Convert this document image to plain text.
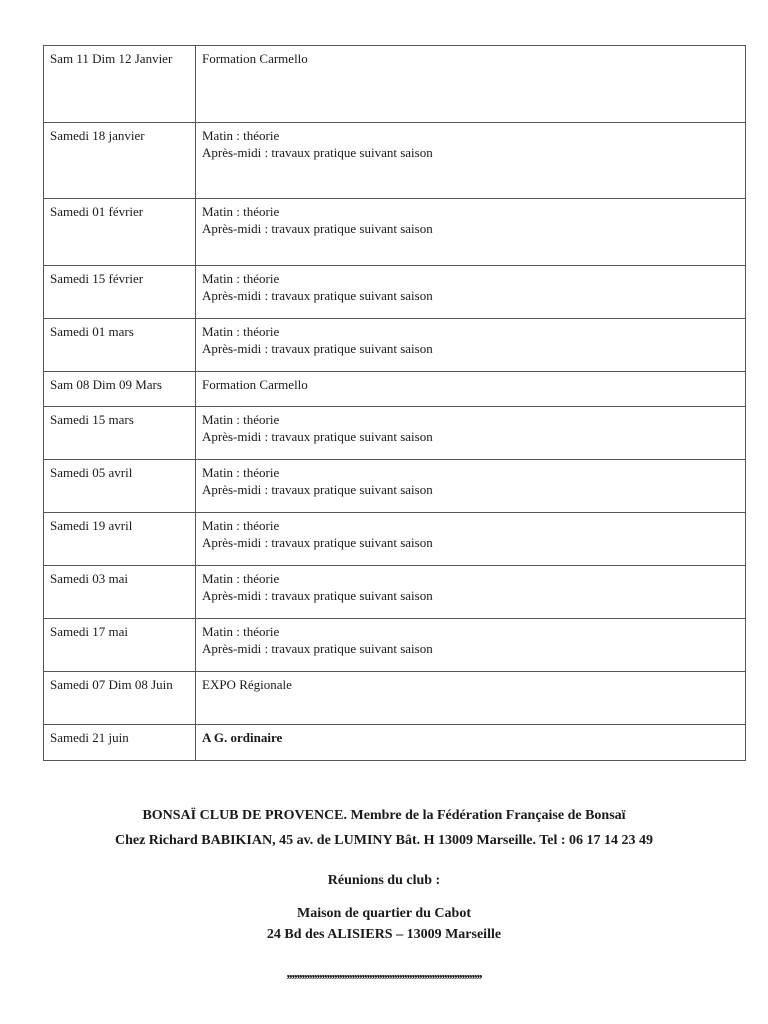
Sam 11 Dim 12 Janvier	Formation Carmello

Samedi 18 janvier	Matin : théorie
Après-midi : travaux pratique suivant saison

Samedi 01 février	Matin : théorie
Après-midi : travaux pratique suivant saison

Samedi 15 février	Matin : théorie
Après-midi : travaux pratique suivant saison

Samedi 01 mars	Matin : théorie
Après-midi : travaux pratique suivant saison

Sam 08 Dim 09 Mars	Formation Carmello

Samedi 15 mars	Matin : théorie
Après-midi : travaux pratique suivant saison

Samedi 05 avril	Matin : théorie
Après-midi : travaux pratique suivant saison

Samedi 19 avril	Matin : théorie
Après-midi : travaux pratique suivant saison

Samedi 03 mai	Matin : théorie
Après-midi : travaux pratique suivant saison

Samedi 17 mai	Matin : théorie
Après-midi : travaux pratique suivant saison

Samedi 07 Dim 08 Juin	EXPO Régionale

Samedi 21 juin	A G. ordinaire
BONSAÏ CLUB DE PROVENCE. Membre de la Fédération Française de Bonsaï
Chez Richard BABIKIAN, 45 av. de LUMINY Bât. H 13009 Marseille. Tel : 06 17 14 23 49
Réunions du club :
Maison de quartier du Cabot
24 Bd des ALISIERS – 13009 Marseille
,,,,,,,,,,,,,,,,,,,,,,,,,,,,,,,,,,,,,,,,,,,,,,,,,,,,,,,,,,,,,,,,,,,,,,,,,,,,,,
